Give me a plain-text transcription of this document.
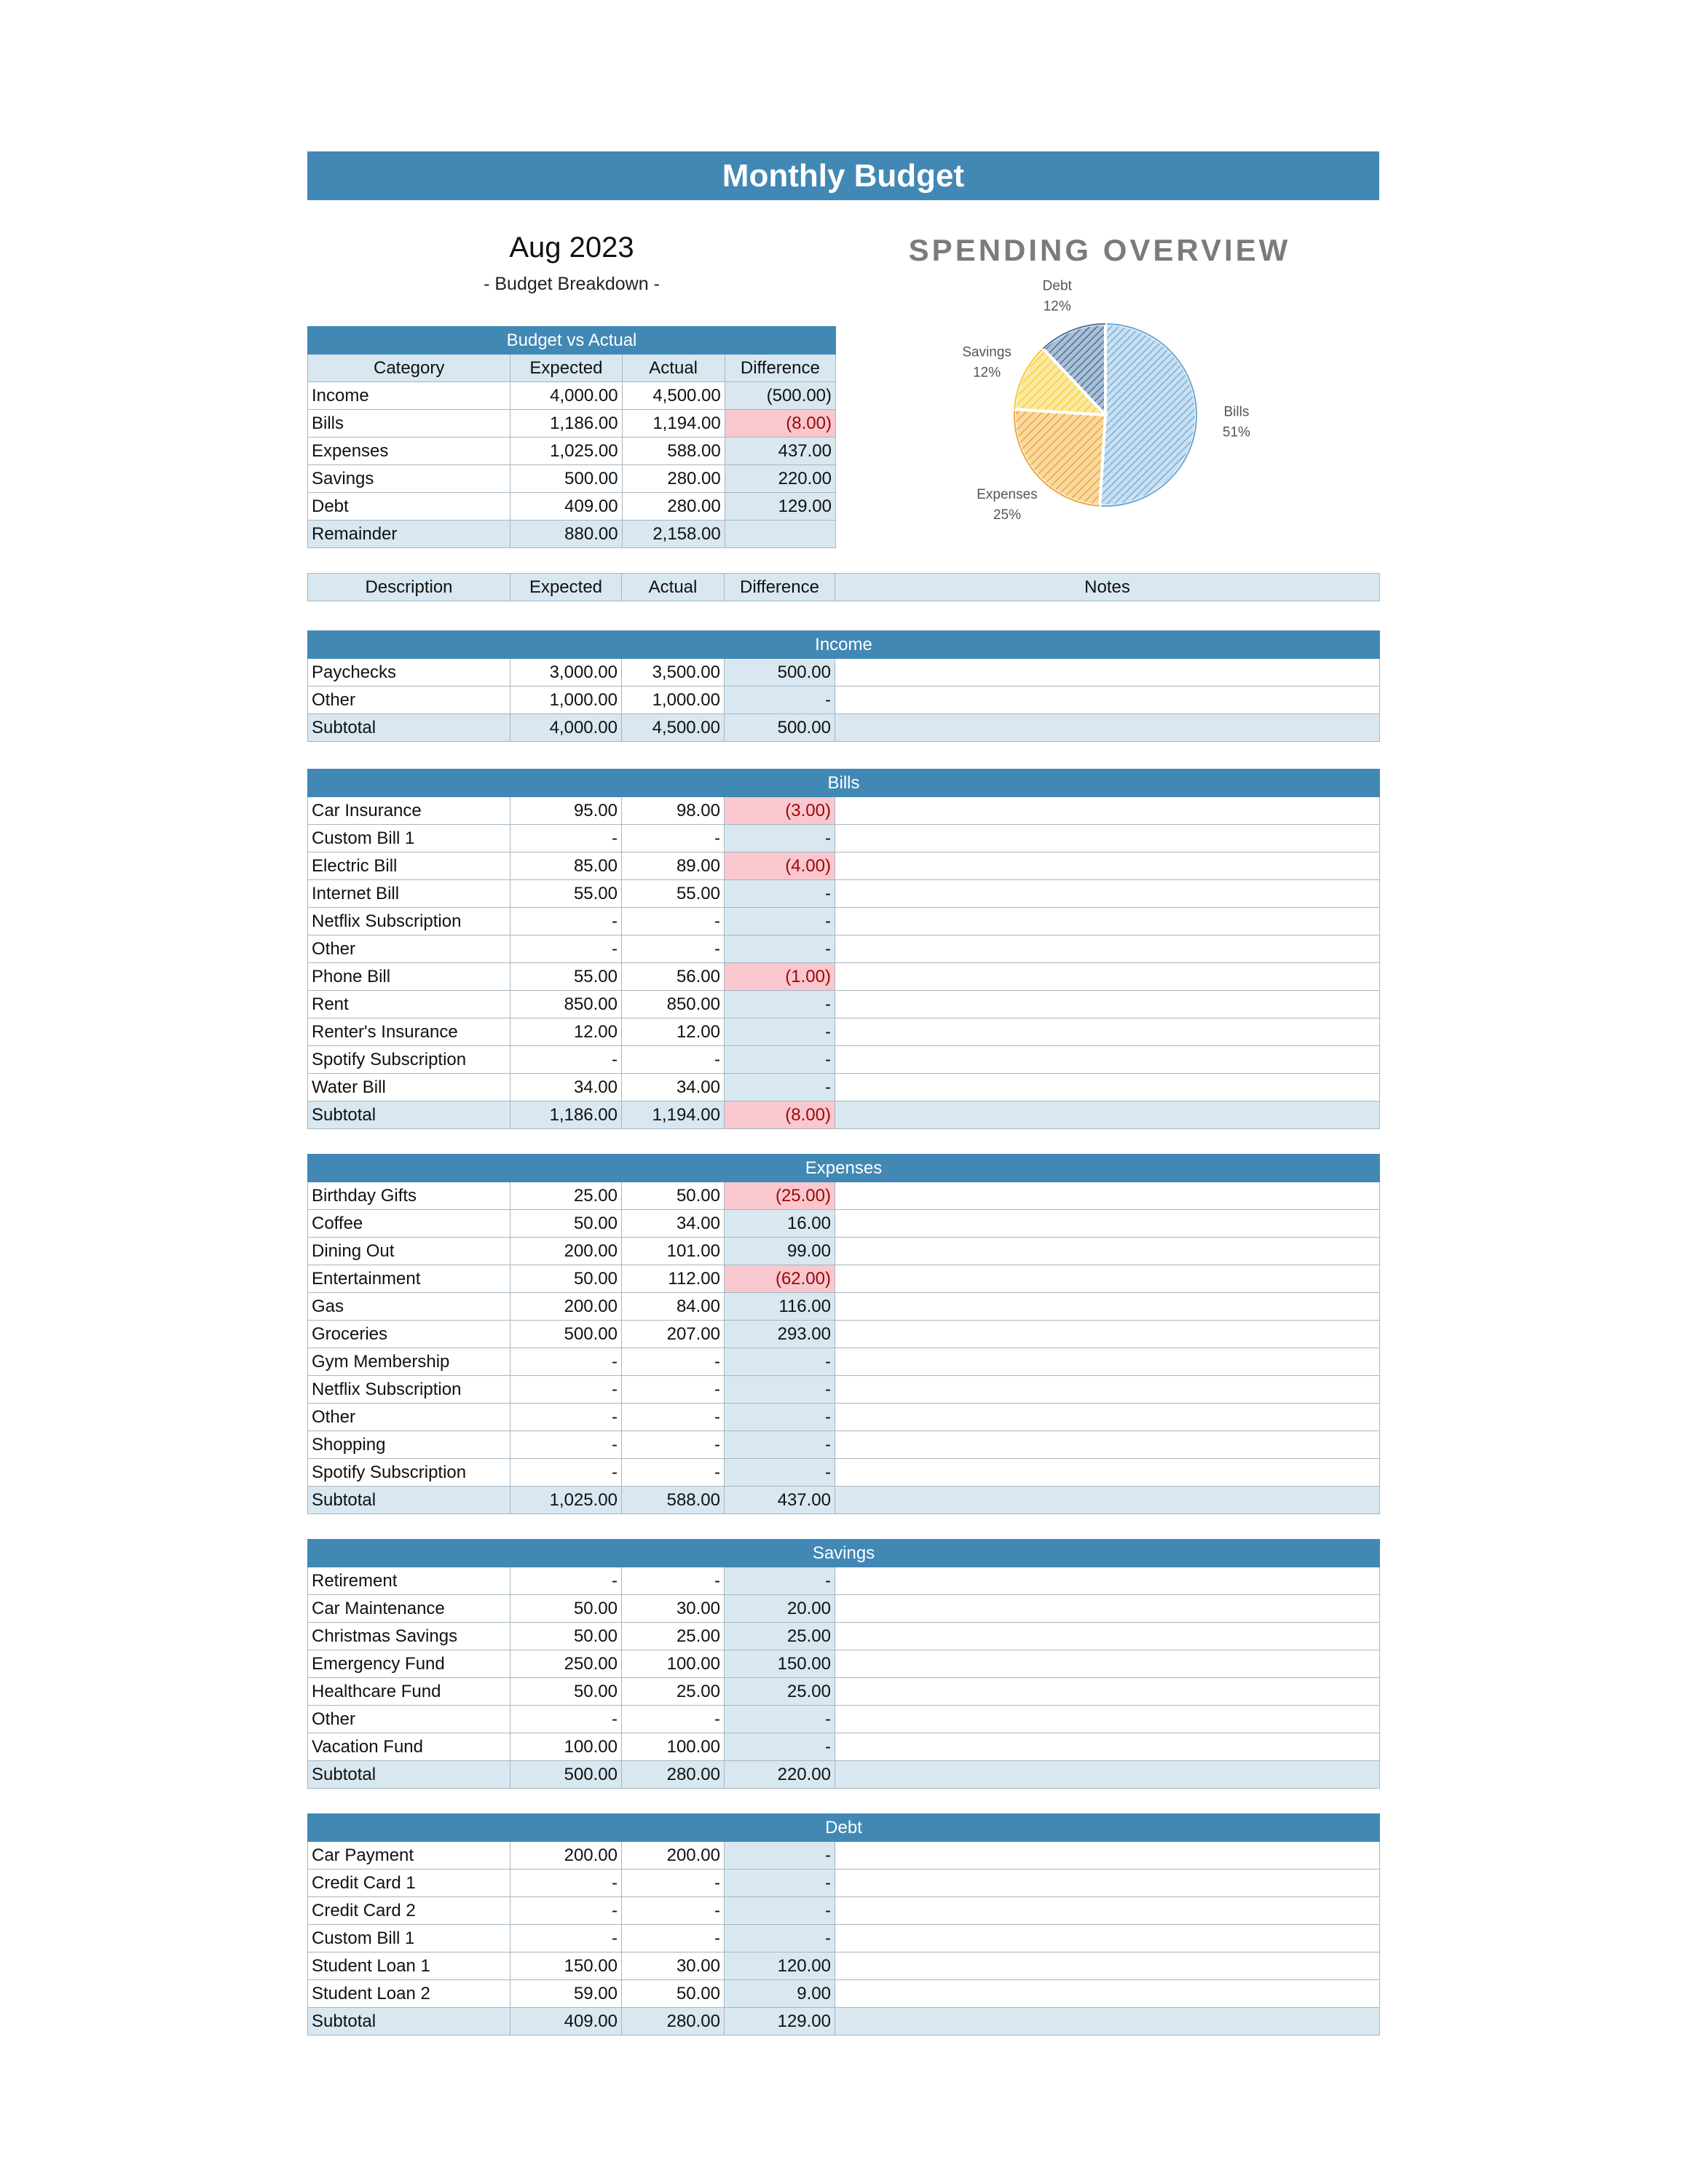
Monthly Budget
Aug 2023
- Budget Breakdown -
Budget vs Actual			
Category	Expected	Actual	Difference
Income	4,000.00	4,500.00	(500.00)
Bills	1,186.00	1,194.00	(8.00)
Expenses	1,025.00	588.00	437.00
Savings	500.00	280.00	220.00
Debt	409.00	280.00	129.00
Remainder	880.00	2,158.00	
Description	Expected	Actual	Difference	Notes
Income				
Paychecks	3,000.00	3,500.00	500.00	
Other	1,000.00	1,000.00	-	
Subtotal	4,000.00	4,500.00	500.00	
Bills				
Car Insurance	95.00	98.00	(3.00)	
Custom Bill 1	-	-	-	
Electric Bill	85.00	89.00	(4.00)	
Internet Bill	55.00	55.00	-	
Netflix Subscription	-	-	-	
Other	-	-	-	
Phone Bill	55.00	56.00	(1.00)	
Rent	850.00	850.00	-	
Renter's Insurance	12.00	12.00	-	
Spotify Subscription	-	-	-	
Water Bill	34.00	34.00	-	
Subtotal	1,186.00	1,194.00	(8.00)	
Expenses				
Birthday Gifts	25.00	50.00	(25.00)	
Coffee	50.00	34.00	16.00	
Dining Out	200.00	101.00	99.00	
Entertainment	50.00	112.00	(62.00)	
Gas	200.00	84.00	116.00	
Groceries	500.00	207.00	293.00	
Gym Membership	-	-	-	
Netflix Subscription	-	-	-	
Other	-	-	-	
Shopping	-	-	-	
Spotify Subscription	-	-	-	
Subtotal	1,025.00	588.00	437.00	
Savings				
Retirement	-	-	-	
Car Maintenance	50.00	30.00	20.00	
Christmas Savings	50.00	25.00	25.00	
Emergency Fund	250.00	100.00	150.00	
Healthcare Fund	50.00	25.00	25.00	
Other	-	-	-	
Vacation Fund	100.00	100.00	-	
Subtotal	500.00	280.00	220.00	
Debt				
Car Payment	200.00	200.00	-	
Credit Card 1	-	-	-	
Credit Card 2	-	-	-	
Custom Bill 1	-	-	-	
Student Loan 1	150.00	30.00	120.00	
Student Loan 2	59.00	50.00	9.00	
Subtotal	409.00	280.00	129.00	
SPENDING OVERVIEW
Bills
51%
Expenses
25%
Savings
12%
Debt
12%
